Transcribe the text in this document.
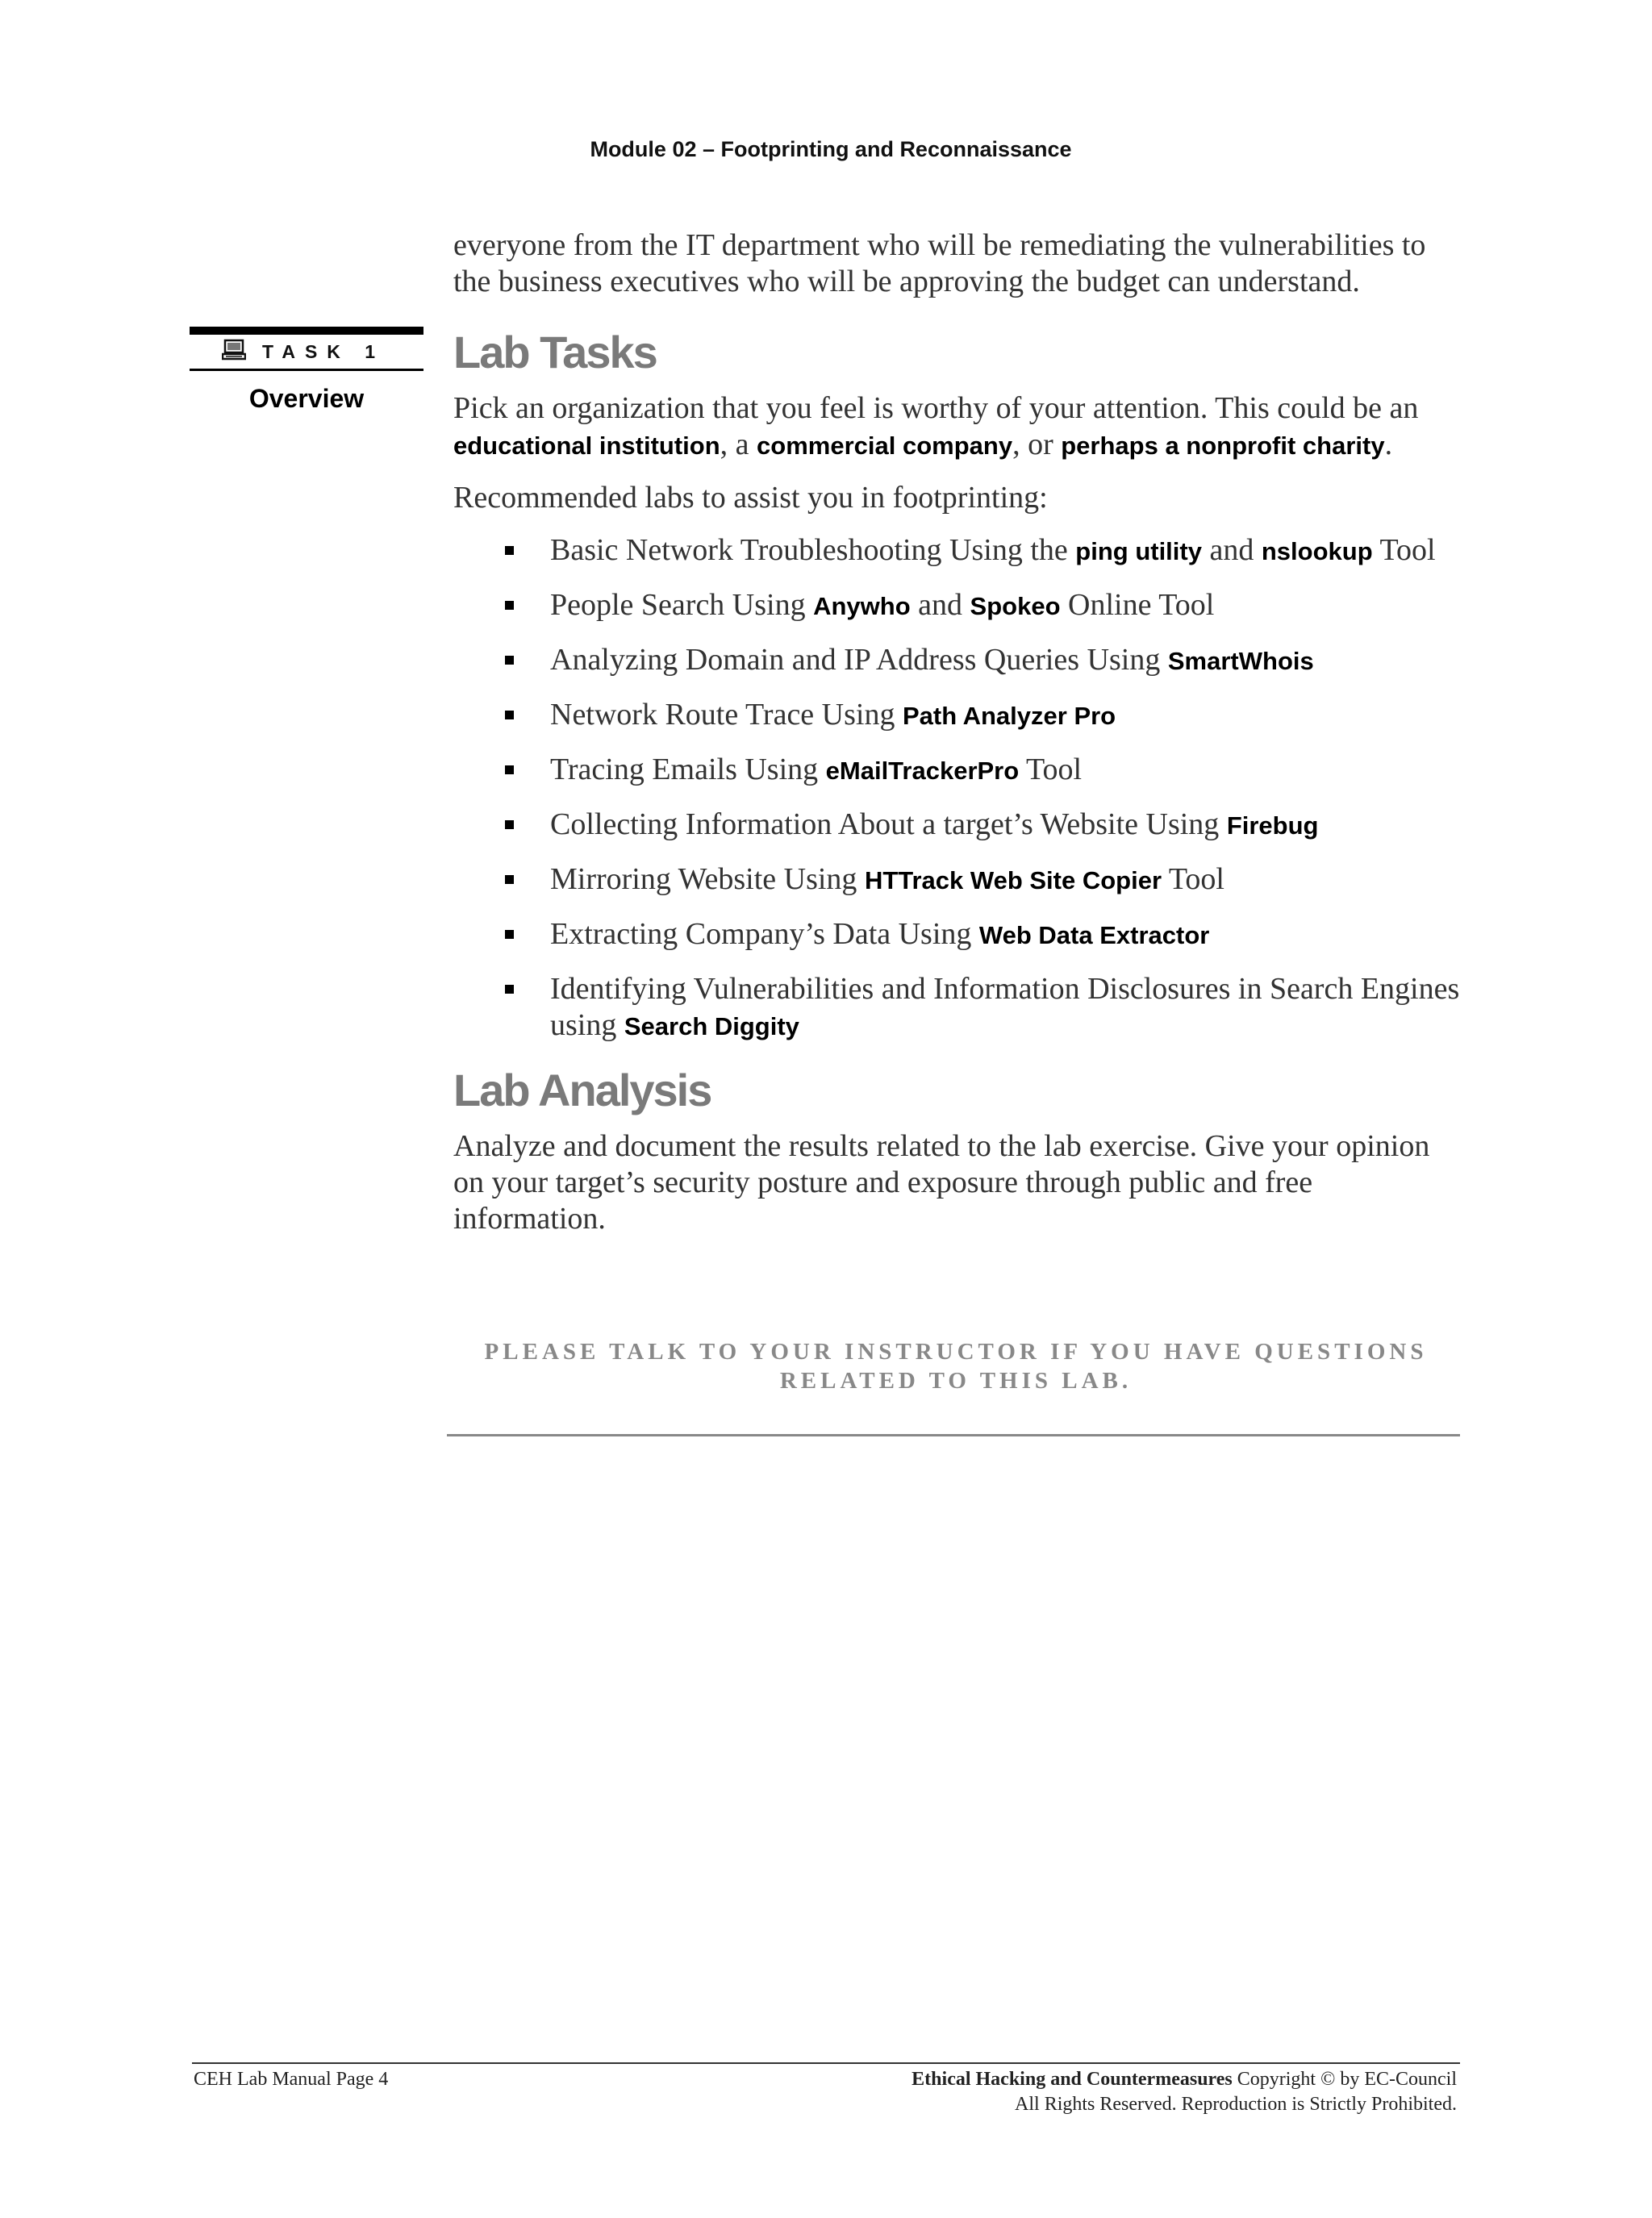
Module 02 – Footprinting and Reconnaissance
TASK 1
Overview

everyone from the IT department who will be remediating the vulnerabilities to the business executives who will be approving the budget can understand.

Lab Tasks

Pick an organization that you feel is worthy of your attention. This could be an educational institution, a commercial company, or perhaps a nonprofit charity.

Recommended labs to assist you in footprinting:

Basic Network Troubleshooting Using the ping utility and nslookup Tool
People Search Using Anywho and Spokeo Online Tool
Analyzing Domain and IP Address Queries Using SmartWhois
Network Route Trace Using Path Analyzer Pro
Tracing Emails Using eMailTrackerPro Tool
Collecting Information About a target’s Website Using Firebug
Mirroring Website Using HTTrack Web Site Copier Tool
Extracting Company’s Data Using Web Data Extractor
Identifying Vulnerabilities and Information Disclosures in Search Engines using Search Diggity
Lab Analysis

Analyze and document the results related to the lab exercise. Give your opinion on your target’s security posture and exposure through public and free information.

PLEASE TALK TO YOUR INSTRUCTOR IF YOU HAVE QUESTIONS RELATED TO THIS LAB.
CEH Lab Manual Page 4	Ethical Hacking and Countermeasures Copyright © by EC-Council
All Rights Reserved. Reproduction is Strictly Prohibited.
